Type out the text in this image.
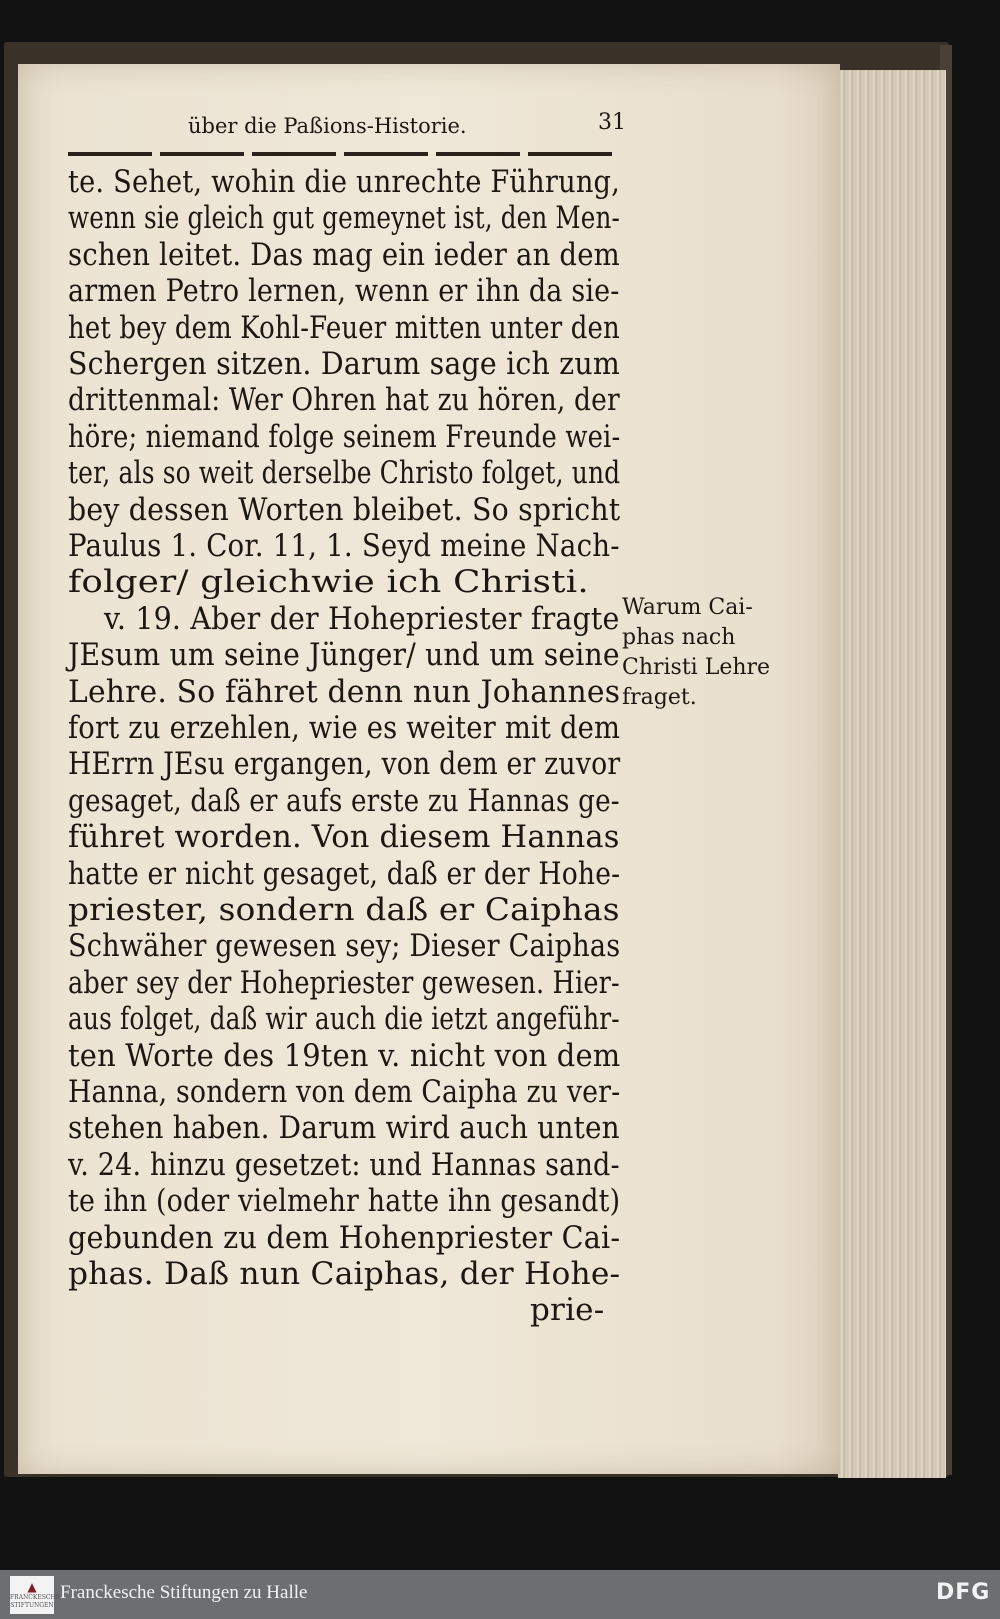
über die Paßions-Historie.	31
te. Sehet, wohin die unrechte Führung,
wenn sie gleich gut gemeynet ist, den Men-
schen leitet. Das mag ein ieder an dem
armen Petro lernen, wenn er ihn da sie-
het bey dem Kohl-Feuer mitten unter den
Schergen sitzen. Darum sage ich zum
drittenmal: Wer Ohren hat zu hören, der
höre; niemand folge seinem Freunde wei-
ter, als so weit derselbe Christo folget, und
bey dessen Worten bleibet. So spricht
Paulus 1. Cor. 11, 1. Seyd meine Nach-
folger/ gleichwie ich Christi.
v. 19. Aber der Hohepriester fragte
JEsum um seine Jünger/ und um seine
Lehre. So fähret denn nun Johannes
fort zu erzehlen, wie es weiter mit dem
HErrn JEsu ergangen, von dem er zuvor
gesaget, daß er aufs erste zu Hannas ge-
führet worden. Von diesem Hannas
hatte er nicht gesaget, daß er der Hohe-
priester, sondern daß er Caiphas
Schwäher gewesen sey; Dieser Caiphas
aber sey der Hohepriester gewesen. Hier-
aus folget, daß wir auch die ietzt angeführ-
ten Worte des 19ten v. nicht von dem
Hanna, sondern von dem Caipha zu ver-
stehen haben. Darum wird auch unten
v. 24. hinzu gesetzet: und Hannas sand-
te ihn (oder vielmehr hatte ihn gesandt)
gebunden zu dem Hohenpriester Cai-
phas. Daß nun Caiphas, der Hohe-
prie-
Warum Cai-
phas nach
Christi Lehre
fraget.
▲
FRANCKESCHE STIFTUNGEN
Franckesche Stiftungen zu Halle	DFG
